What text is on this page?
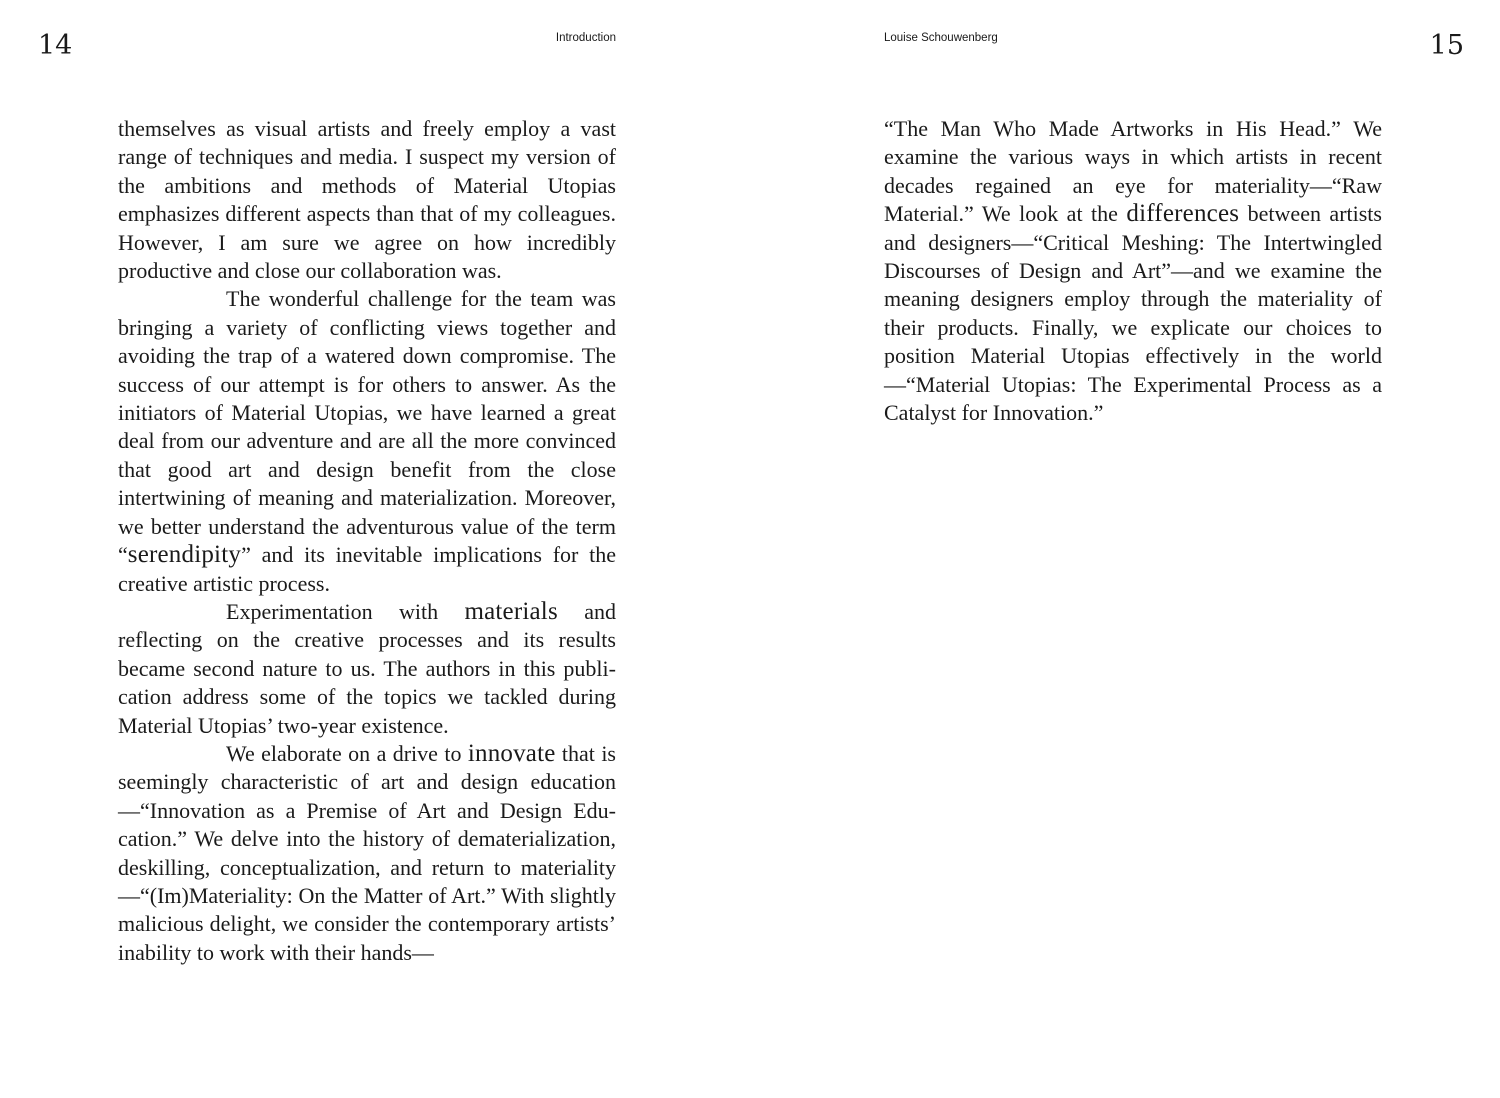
14	Introduction

themselves as visual artists and freely employ a vast range of techniques and media. I suspect my version of the ambitions and methods of Material Utopias emphasizes different aspects than that of my colleagues. However, I am sure we agree on how incredibly productive and close our collaboration was.

The wonderful challenge for the team was bringing a variety of conflicting views together and avoiding the trap of a watered down compromise. The success of our attempt is for others to answer. As the initiators of Material Utopias, we have learned a great deal from our adventure and are all the more convinced that good art and design benefit from the close intertwining of meaning and materialization. Moreover, we better understand the adventurous value of the term “serendipity” and its inevitable implications for the creative artistic process.

Experimentation with materials and reflecting on the creative processes and its results became second nature to us. The authors in this publication address some of the topics we tackled during Material Utopias’ two-year existence.

We elaborate on a drive to innovate that is seemingly characteristic of art and design education—“Innovation as a Premise of Art and Design Education.” We delve into the history of dematerialization, deskilling, conceptualization, and return to materiality—“(Im)Materiality: On the Matter of Art.” With slightly malicious delight, we consider the contemporary artists’ inability to work with their hands—

15
Louise Schouwenberg

“The Man Who Made Artworks in His Head.” We examine the various ways in which artists in recent decades regained an eye for materiality—“Raw Material.” We look at the differences between artists and designers—“Critical Meshing: The Intertwingled Discourses of Design and Art”—and we examine the meaning designers employ through the materiality of their products. Finally, we explicate our choices to position Material Utopias effectively in the world—“Material Utopias: The Experimental Process as a Catalyst for Innovation.”
